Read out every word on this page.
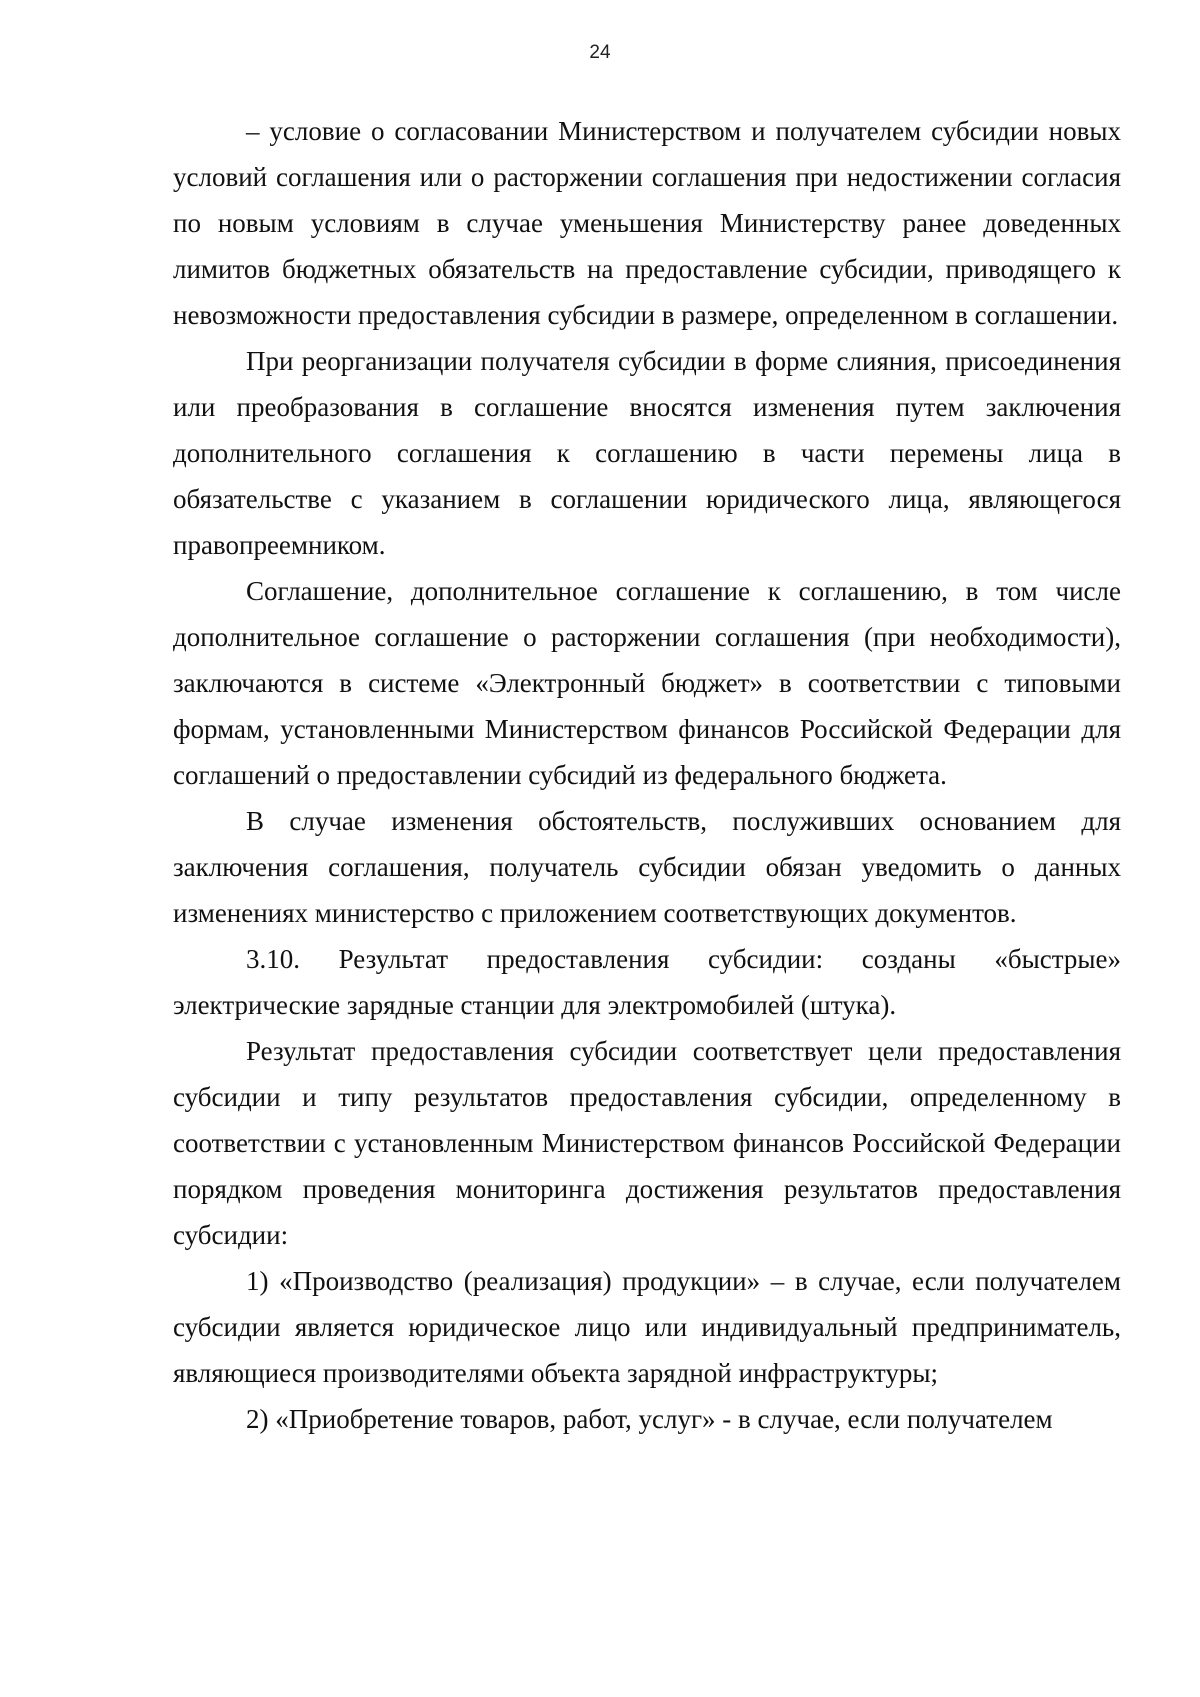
24

– условие о согласовании Министерством и получателем субсидии новых условий соглашения или о расторжении соглашения при недостижении согласия по новым условиям в случае уменьшения Министерству ранее доведенных лимитов бюджетных обязательств на предоставление субсидии, приводящего к невозможности предоставления субсидии в размере, определенном в соглашении.

При реорганизации получателя субсидии в форме слияния, присоединения или преобразования в соглашение вносятся изменения путем заключения дополнительного соглашения к соглашению в части перемены лица в обязательстве с указанием в соглашении юридического лица, являющегося правопреемником.

Соглашение, дополнительное соглашение к соглашению, в том числе дополнительное соглашение о расторжении соглашения (при необходимости), заключаются в системе «Электронный бюджет» в соответствии с типовыми формам, установленными Министерством финансов Российской Федерации для соглашений о предоставлении субсидий из федерального бюджета.

В случае изменения обстоятельств, послуживших основанием для заключения соглашения, получатель субсидии обязан уведомить о данных изменениях министерство с приложением соответствующих документов.

3.10. Результат предоставления субсидии: созданы «быстрые» электрические зарядные станции для электромобилей (штука).

Результат предоставления субсидии соответствует цели предоставления субсидии и типу результатов предоставления субсидии, определенному в соответствии с установленным Министерством финансов Российской Федерации порядком проведения мониторинга достижения результатов предоставления субсидии:

1) «Производство (реализация) продукции» – в случае, если получателем субсидии является юридическое лицо или индивидуальный предприниматель, являющиеся производителями объекта зарядной инфраструктуры;

2) «Приобретение товаров, работ, услуг» - в случае, если получателем
